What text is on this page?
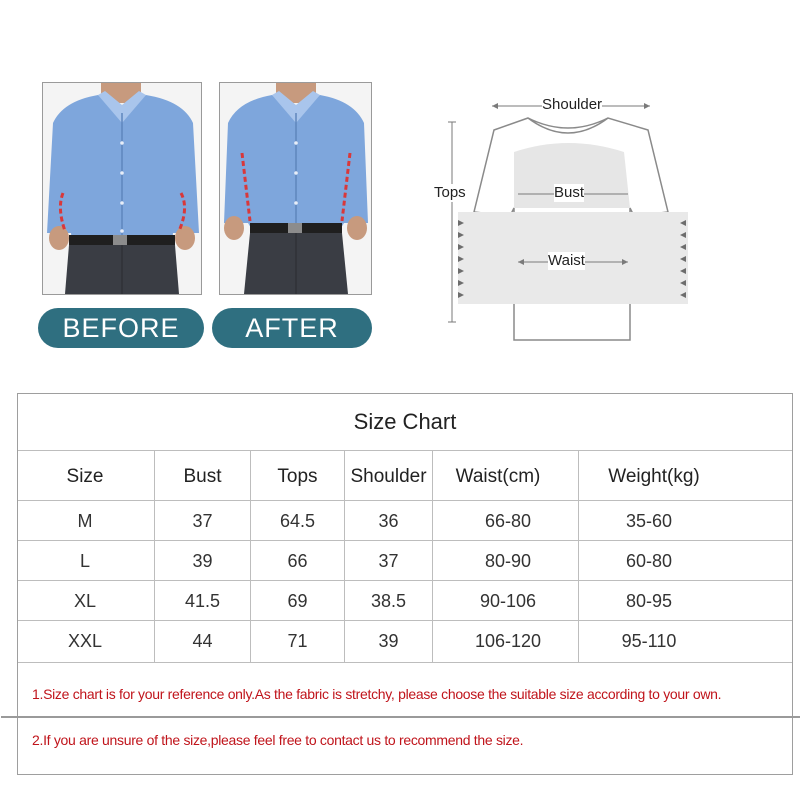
BEFORE	AFTER
Shoulder
Bust
Tops
Waist
Size Chart
Size	Bust	Tops	Shoulder	Waist(cm)	Weight(kg)
M	37	64.5	36	66-80	35-60
L	39	66	37	80-90	60-80
XL	41.5	69	38.5	90-106	80-95
XXL	44	71	39	106-120	95-110
1.Size chart is for your reference only.As the fabric is stretchy, please choose the suitable size according to your own.
2.If you are unsure of the size,please feel free to contact us to recommend the size.
